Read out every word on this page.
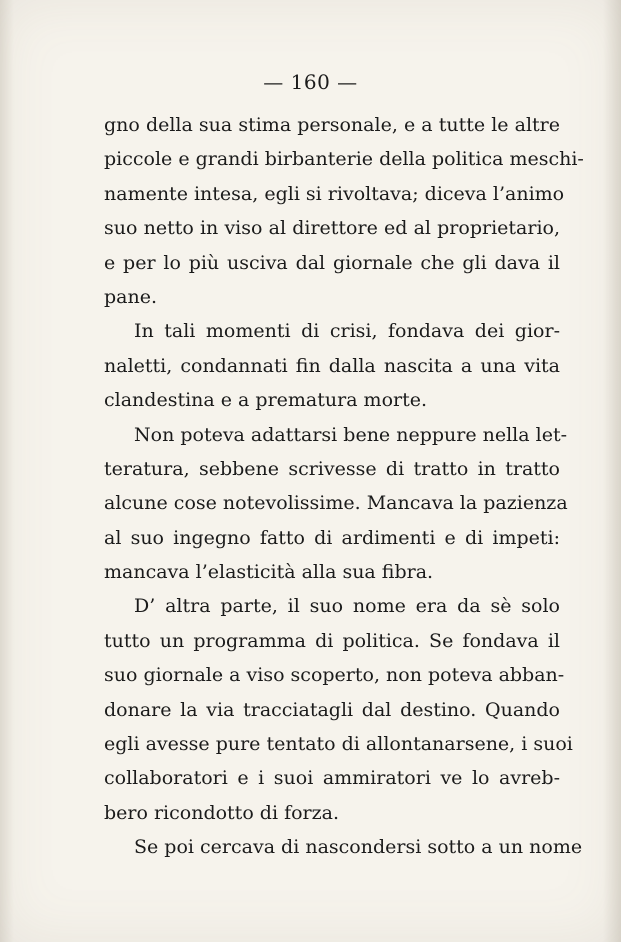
— 160 —
gno della sua stima personale, e a tutte le altre
piccole e grandi birbanterie della politica meschi-
namente intesa, egli si rivoltava; diceva l’animo
suo netto in viso al direttore ed al proprietario,
e per lo più usciva dal giornale che gli dava il
pane.
In tali momenti di crisi, fondava dei gior-
naletti, condannati fin dalla nascita a una vita
clandestina e a prematura morte.
Non poteva adattarsi bene neppure nella let-
teratura, sebbene scrivesse di tratto in tratto
alcune cose notevolissime. Mancava la pazienza
al suo ingegno fatto di ardimenti e di impeti:
mancava l’elasticità alla sua fibra.
D’ altra parte, il suo nome era da sè solo
tutto un programma di politica. Se fondava il
suo giornale a viso scoperto, non poteva abban-
donare la via tracciatagli dal destino. Quando
egli avesse pure tentato di allontanarsene, i suoi
collaboratori e i suoi ammiratori ve lo avreb-
bero ricondotto di forza.
Se poi cercava di nascondersi sotto a un nome
